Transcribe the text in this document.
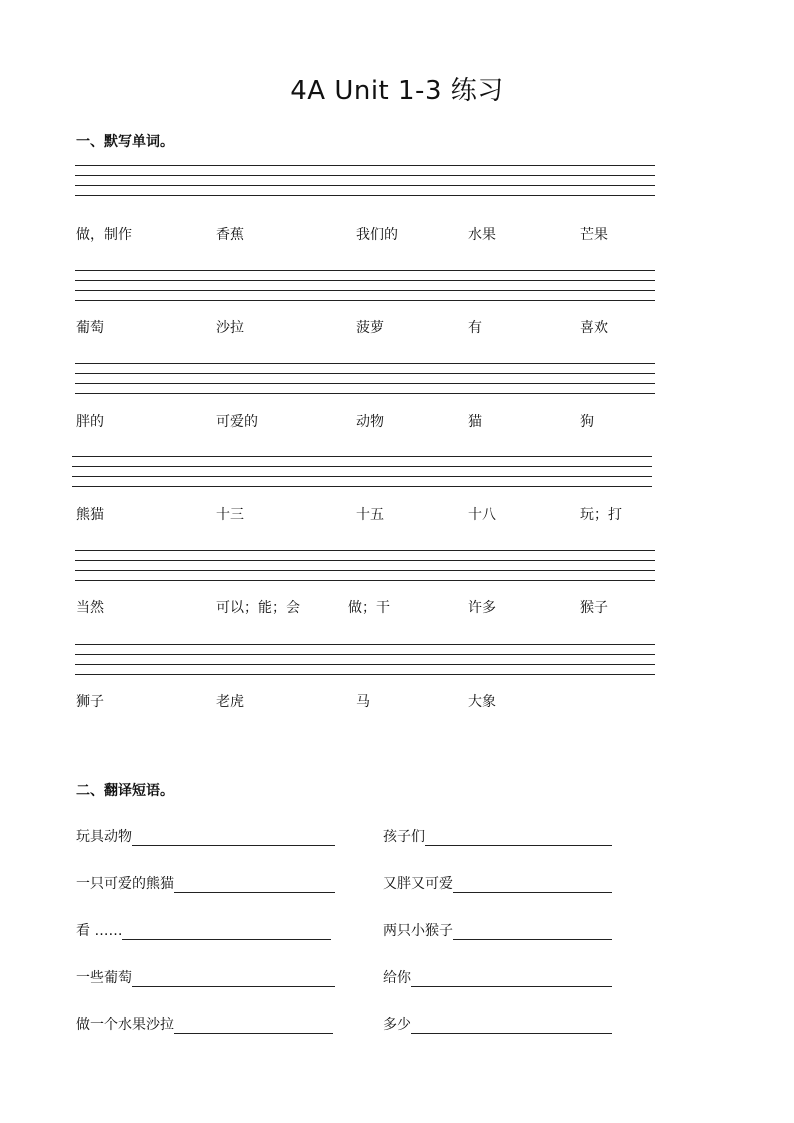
4A Unit 1-3 练习
一、默写单词。
做，制作	香蕉	我们的	水果	芒果
葡萄	沙拉	菠萝	有	喜欢
胖的	可爱的	动物	猫	狗
熊猫	十三	十五	十八	玩；打
当然	可以；能；会	做；干	许多	猴子
狮子	老虎	马	大象
二、翻译短语。
玩具动物	孩子们
一只可爱的熊猫	又胖又可爱
看 ……	两只小猴子
一些葡萄	给你
做一个水果沙拉	多少
